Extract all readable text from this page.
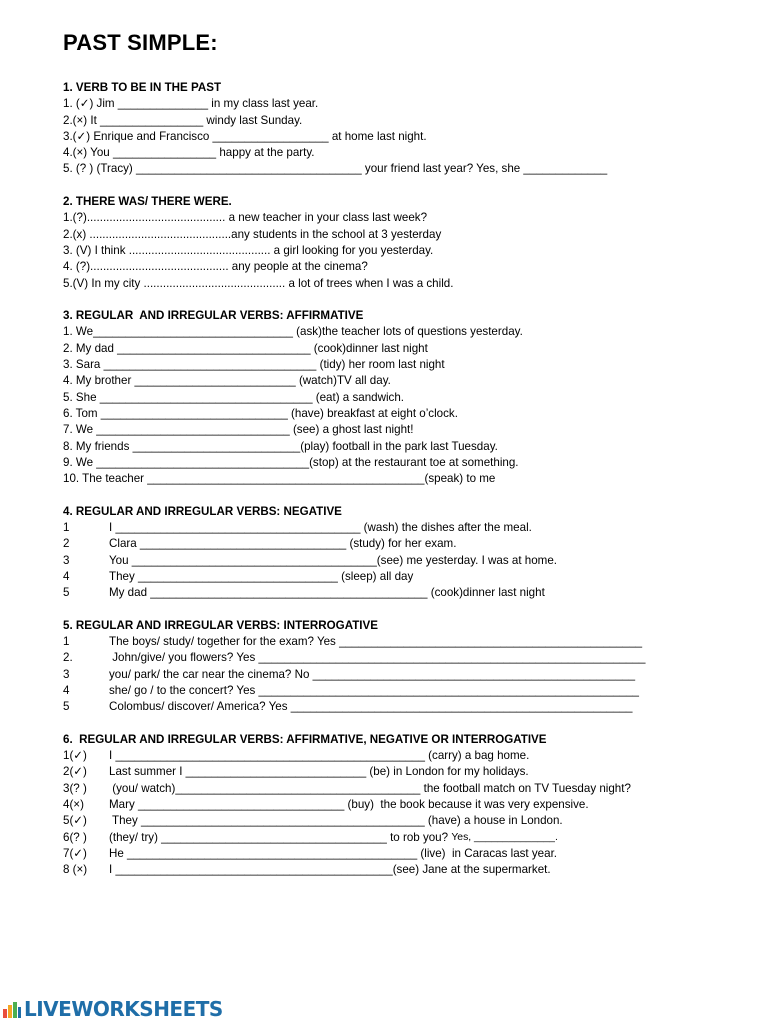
PAST SIMPLE:
1. VERB TO BE IN THE PAST
1. (✓) Jim ______________ in my class last year.
2.(×) It ________________ windy last Sunday.
3.(✓) Enrique and Francisco __________________ at home last night.
4.(×) You ________________ happy at the party.
5. (? ) (Tracy) ___________________________________ your friend last year? Yes, she _____________
2. THERE WAS/ THERE WERE.
1.(?)........................................... a new teacher in your class last week?
2.(x) ............................................any students in the school at 3 yesterday
3. (V) I think ............................................ a girl looking for you yesterday.
4. (?)........................................... any people at the cinema?
5.(V) In my city ............................................ a lot of trees when I was a child.
3. REGULAR  AND IRREGULAR VERBS: AFFIRMATIVE
1. We_______________________________ (ask)the teacher lots of questions yesterday.
2. My dad ______________________________ (cook)dinner last night
3. Sara _________________________________ (tidy) her room last night
4. My brother _________________________ (watch)TV all day.
5. She _________________________________ (eat) a sandwich.
6. Tom _____________________________ (have) breakfast at eight o’clock.
7. We ______________________________ (see) a ghost last night!
8. My friends __________________________(play) football in the park last Tuesday.
9. We _________________________________(stop) at the restaurant toe at something.
10. The teacher ___________________________________________(speak) to me
4. REGULAR AND IRREGULAR VERBS: NEGATIVE
1	I ______________________________________ (wash) the dishes after the meal.
2	Clara ________________________________ (study) for her exam.
3	You ______________________________________(see) me yesterday. I was at home.
4	They _______________________________ (sleep) all day
5	My dad ___________________________________________ (cook)dinner last night
5. REGULAR AND IRREGULAR VERBS: INTERROGATIVE
1	The boys/ study/ together for the exam? Yes _______________________________________________
2.	John/give/ you flowers? Yes ____________________________________________________________
3	you/ park/ the car near the cinema? No __________________________________________________
4	she/ go / to the concert? Yes ___________________________________________________________
5	Colombus/ discover/ America? Yes _____________________________________________________
6.  REGULAR AND IRREGULAR VERBS: AFFIRMATIVE, NEGATIVE OR INTERROGATIVE
1(✓)	I ________________________________________________ (carry) a bag home.
2(✓)	Last summer I ____________________________ (be) in London for my holidays.
3(? )	(you/ watch)______________________________________ the football match on TV Tuesday night?
4(×)	Mary ________________________________ (buy)  the book because it was very expensive.
5(✓)	They ____________________________________________ (have) a house in London.
6(? )	(they/ try) ___________________________________ to rob you? Yes, ______________.
7(✓)	He _____________________________________________ (live)  in Caracas last year.
8 (×)	I ___________________________________________(see) Jane at the supermarket.
LIVEWORKSHEETS
